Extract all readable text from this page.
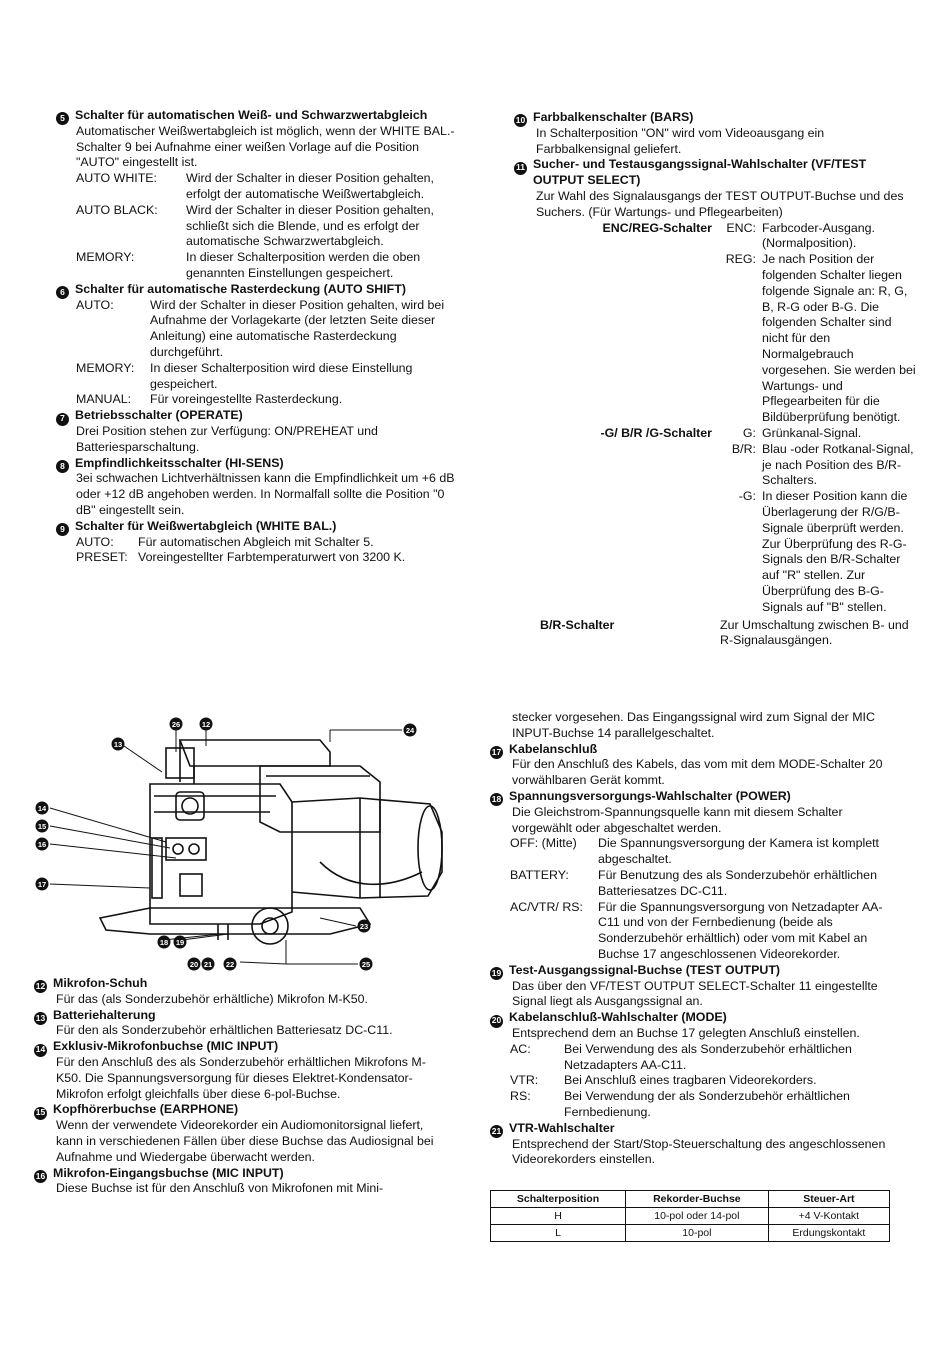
5 Schalter für automatischen Weiß- und Schwarzwertabgleich
Automatischer Weißwertabgleich ist möglich, wenn der WHITE BAL.-Schalter 9 bei Aufnahme einer weißen Vorlage auf die Position "AUTO" eingestellt ist.
AUTO WHITE:	Wird der Schalter in dieser Position gehalten, erfolgt der automatische Weißwertabgleich.
AUTO BLACK:	Wird der Schalter in dieser Position gehalten, schließt sich die Blende, und es erfolgt der automatische Schwarzwertabgleich.
MEMORY:	In dieser Schalterposition werden die oben genannten Einstellungen gespeichert.
6 Schalter für automatische Rasterdeckung (AUTO SHIFT)
AUTO:	Wird der Schalter in dieser Position gehalten, wird bei Aufnahme der Vorlagekarte (der letzten Seite dieser Anleitung) eine automatische Rasterdeckung durchgeführt.
MEMORY:	In dieser Schalterposition wird diese Einstellung gespeichert.
MANUAL:	Für voreingestellte Rasterdeckung.
7 Betriebsschalter (OPERATE)
Drei Position stehen zur Verfügung: ON/PREHEAT und Batteriesparschaltung.
8 Empfindlichkeitsschalter (HI-SENS)
3ei schwachen Lichtverhältnissen kann die Empfindlichkeit um +6 dB oder +12 dB angehoben werden. In Normalfall sollte die Position "0 dB" eingestellt sein.
9 Schalter für Weißwertabgleich (WHITE BAL.)
AUTO:	Für automatischen Abgleich mit Schalter 5.
PRESET: Voreingestellter Farbtemperaturwert von 3200 K.
10 Farbbalkenschalter (BARS)
In Schalterposition "ON" wird vom Videoausgang ein Farbbalkensignal geliefert.
11 Sucher- und Testausgangssignal-Wahlschalter (VF/TEST OUTPUT SELECT)
Zur Wahl des Signalausgangs der TEST OUTPUT-Buchse und des Suchers. (Für Wartungs- und Pflegearbeiten)
ENC/REG-Schalter	ENC: Farbcoder-Ausgang. (Normalposition).
REG: Je nach Position der folgenden Schalter liegen folgende Signale an: R, G, B, R-G oder B-G. Die folgenden Schalter sind nicht für den Normalgebrauch vorgesehen. Sie werden bei Wartungs- und Pflegearbeiten für die Bildüberprüfung benötigt.
-G/ B/R /G-Schalter	G: Grünkanal-Signal.
B/R: Blau -oder Rotkanal-Signal, je nach Position des B/R-Schalters.
-G: In dieser Position kann die Überlagerung der R/G/B-Signale überprüft werden. Zur Überprüfung des R-G-Signals den B/R-Schalter auf "R" stellen. Zur Überprüfung des B-G-Signals auf "B" stellen.
B/R-Schalter	Zur Umschaltung zwischen B- und R-Signalausgängen.
26	12
24
13
14
15
16
17
23
18 19
20 21 22	25
12 Mikrofon-Schuh
Für das (als Sonderzubehör erhältliche) Mikrofon M-K50.
13 Batteriehalterung
Für den als Sonderzubehör erhältlichen Batteriesatz DC-C11.
14 Exklusiv-Mikrofonbuchse (MIC INPUT)
Für den Anschluß des als Sonderzubehör erhältlichen Mikrofons M-K50. Die Spannungsversorgung für dieses Elektret-Kondensator-Mikrofon erfolgt gleichfalls über diese 6-pol-Buchse.
15 Kopfhörerbuchse (EARPHONE)
Wenn der verwendete Videorekorder ein Audiomonitorsignal liefert, kann in verschiedenen Fällen über diese Buchse das Audiosignal bei Aufnahme und Wiedergabe überwacht werden.
16 Mikrofon-Eingangsbuchse (MIC INPUT)
Diese Buchse ist für den Anschluß von Mikrofonen mit Mini-
stecker vorgesehen. Das Eingangssignal wird zum Signal der MIC INPUT-Buchse 14 parallelgeschaltet.
17 Kabelanschluß
Für den Anschluß des Kabels, das vom mit dem MODE-Schalter 20 vorwählbaren Gerät kommt.
18 Spannungsversorgungs-Wahlschalter (POWER)
Die Gleichstrom-Spannungsquelle kann mit diesem Schalter vorgewählt oder abgeschaltet werden.
OFF: (Mitte)	Die Spannungsversorgung der Kamera ist komplett abgeschaltet.
BATTERY:	Für Benutzung des als Sonderzubehör erhältlichen Batteriesatzes DC-C11.
AC/VTR/ RS:	Für die Spannungsversorgung von Netzadapter AA-C11 und von der Fernbedienung (beide als Sonderzubehör erhältlich) oder vom mit Kabel an Buchse 17 angeschlossenen Videorekorder.
19 Test-Ausgangssignal-Buchse (TEST OUTPUT)
Das über den VF/TEST OUTPUT SELECT-Schalter 11 eingestellte Signal liegt als Ausgangssignal an.
20 Kabelanschluß-Wahlschalter (MODE)
Entsprechend dem an Buchse 17 gelegten Anschluß einstellen.
AC:	Bei Verwendung des als Sonderzubehör erhältlichen Netzadapters AA-C11.
VTR:	Bei Anschluß eines tragbaren Videorekorders.
RS:	Bei Verwendung der als Sonderzubehör erhältlichen Fernbedienung.
21 VTR-Wahlschalter
Entsprechend der Start/Stop-Steuerschaltung des angeschlossenen Videorekorders einstellen.
Schalterposition	Rekorder-Buchse	Steuer-Art
H	10-pol oder 14-pol	+4 V-Kontakt
L	10-pol	Erdungskontakt
